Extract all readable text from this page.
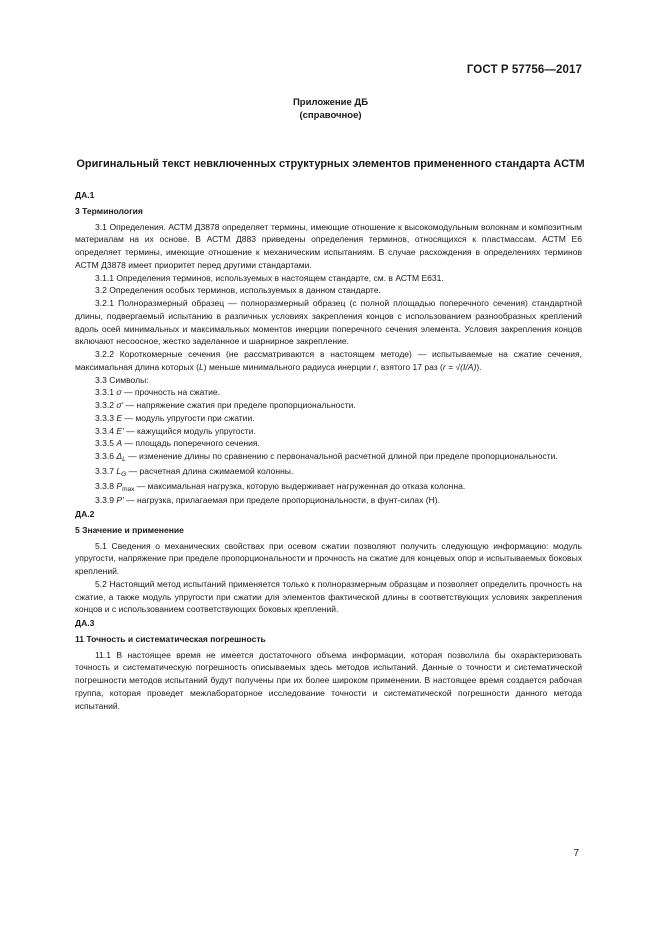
ГОСТ Р 57756—2017
Приложение ДБ
(справочное)
Оригинальный текст невключенных структурных элементов примененного стандарта АСТМ

ДА.1

3 Терминология

3.1 Определения. АСТМ Д3878 определяет термины, имеющие отношение к высокомодульным волокнам и композитным материалам на их основе. В АСТМ Д883 приведены определения терминов, относящихся к пластмассам. АСТМ Е6 определяет термины, имеющие отношение к механическим испытаниям. В случае расхождения в определениях терминов АСТМ Д3878 имеет приоритет перед другими стандартами.

3.1.1 Определения терминов, используемых в настоящем стандарте, см. в АСТМ Е631.

3.2 Определения особых терминов, используемых в данном стандарте.

3.2.1 Полноразмерный образец — полноразмерный образец (с полной площадью поперечного сечения) стандартной длины, подвергаемый испытанию в различных условиях закрепления концов с использованием разнообразных креплений вдоль осей минимальных и максимальных моментов инерции поперечного сечения элемента. Условия закрепления концов включают несоосное, жестко заделанное и шарнирное закрепление.

3.2.2 Короткомерные сечения (не рассматриваются в настоящем методе) — испытываемые на сжатие сечения, максимальная длина которых (L) меньше минимального радиуса инерции r, взятого 17 раз (r = √(I/A)).

3.3 Символы:

3.3.1 σ — прочность на сжатие.

3.3.2 σ' — напряжение сжатия при пределе пропорциональности.

3.3.3 E — модуль упругости при сжатии.

3.3.4 E' — кажущийся модуль упругости.

3.3.5 A — площадь поперечного сечения.

3.3.6 $\Delta_L$ — изменение длины по сравнению с первоначальной расчетной длиной при пределе пропорциональности.

3.3.7 $L_G$ — расчетная длина сжимаемой колонны.

3.3.8 $P_{max}$ — максимальная нагрузка, которую выдерживает нагруженная до отказа колонна.

3.3.9 P' — нагрузка, прилагаемая при пределе пропорциональности, в фунт-силах (Н).

ДА.2

5 Значение и применение

5.1 Сведения о механических свойствах при осевом сжатии позволяют получить следующую информацию: модуль упругости, напряжение при пределе пропорциональности и прочность на сжатие для концевых опор и испытываемых боковых креплений.

5.2 Настоящий метод испытаний применяется только к полноразмерным образцам и позволяет определить прочность на сжатие, а также модуль упругости при сжатии для элементов фактической длины в соответствующих условиях закрепления концов и с использованием соответствующих боковых креплений.

ДА.3

11 Точность и систематическая погрешность

11.1 В настоящее время не имеется достаточного объема информации, которая позволила бы охарактеризовать точность и систематическую погрешность описываемых здесь методов испытаний. Данные о точности и систематической погрешности методов испытаний будут получены при их более широком применении. В настоящее время создается рабочая группа, которая проведет межлабораторное исследование точности и систематической погрешности данного метода испытаний.

7
